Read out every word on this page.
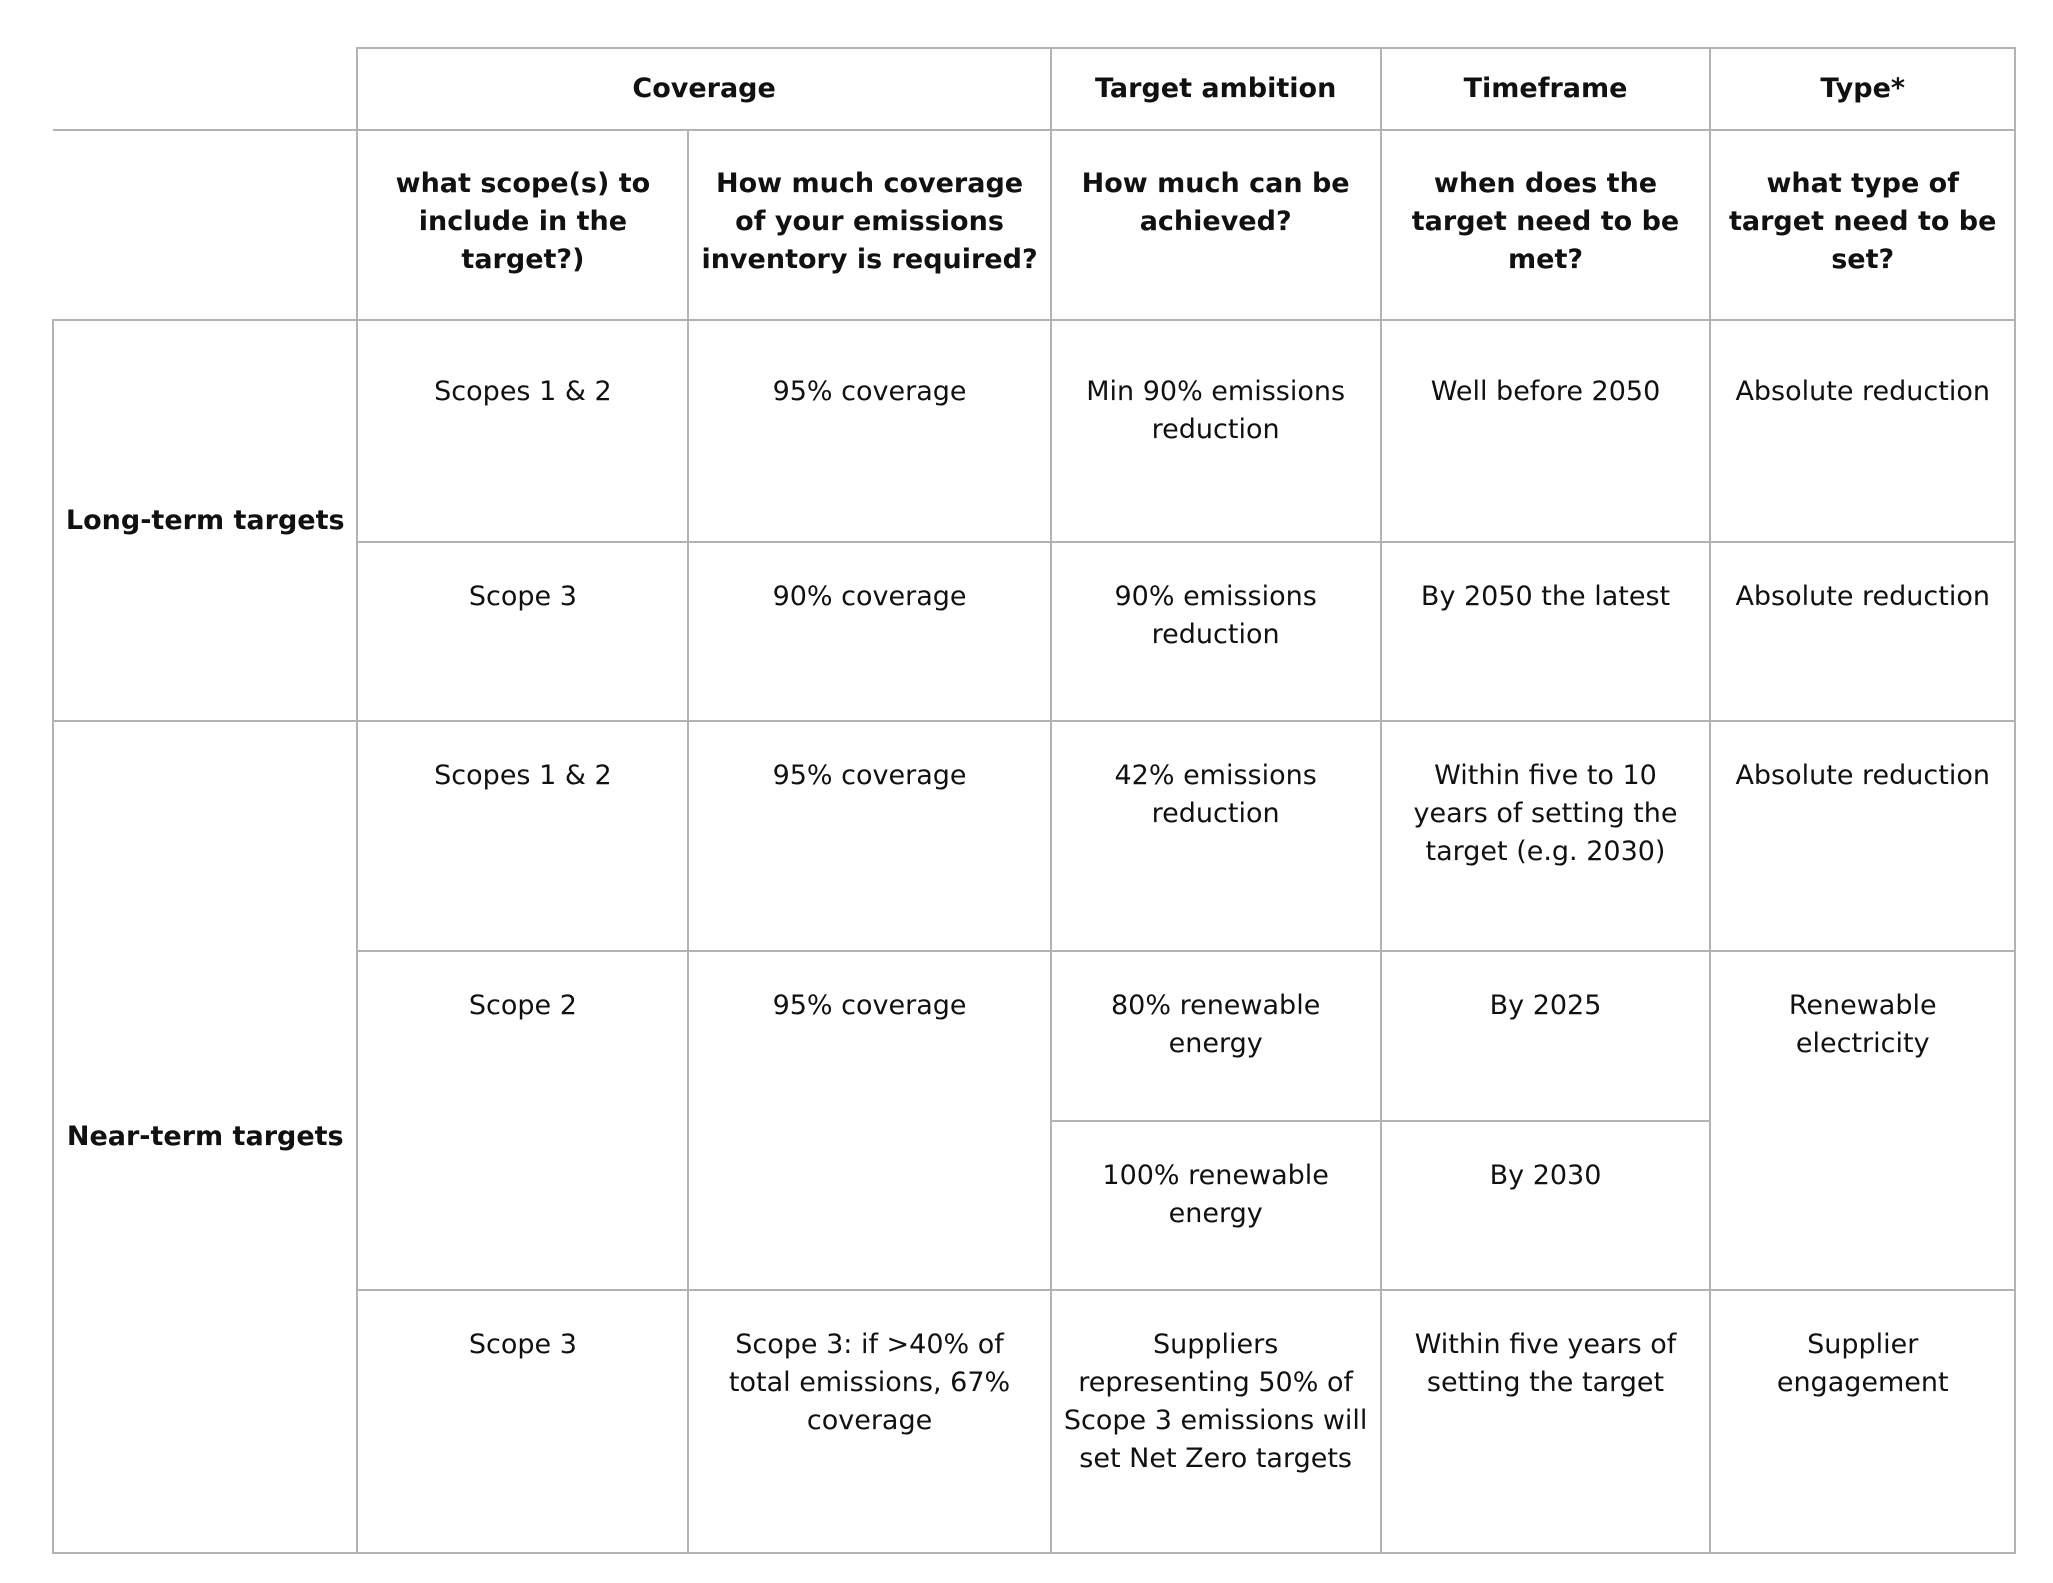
	Coverage		Target ambition	Timeframe	Type*
	what scope(s) to include in the target?)	How much coverage of your emissions inventory is required?	How much can be achieved?	when does the target need to be met?	what type of target need to be set?
Long-term targets	Scopes 1 & 2	95% coverage	Min 90% emissions reduction	Well before 2050	Absolute reduction
	Scope 3	90% coverage	90% emissions reduction	By 2050 the latest	Absolute reduction
Near-term targets	Scopes 1 & 2	95% coverage	42% emissions reduction	Within five to 10 years of setting the target (e.g. 2030)	Absolute reduction
	Scope 2	95% coverage	80% renewable energy	By 2025	Renewable electricity
			100% renewable energy	By 2030	
	Scope 3	Scope 3: if >40% of total emissions, 67% coverage	Suppliers representing 50% of Scope 3 emissions will set Net Zero targets	Within five years of setting the target	Supplier engagement
